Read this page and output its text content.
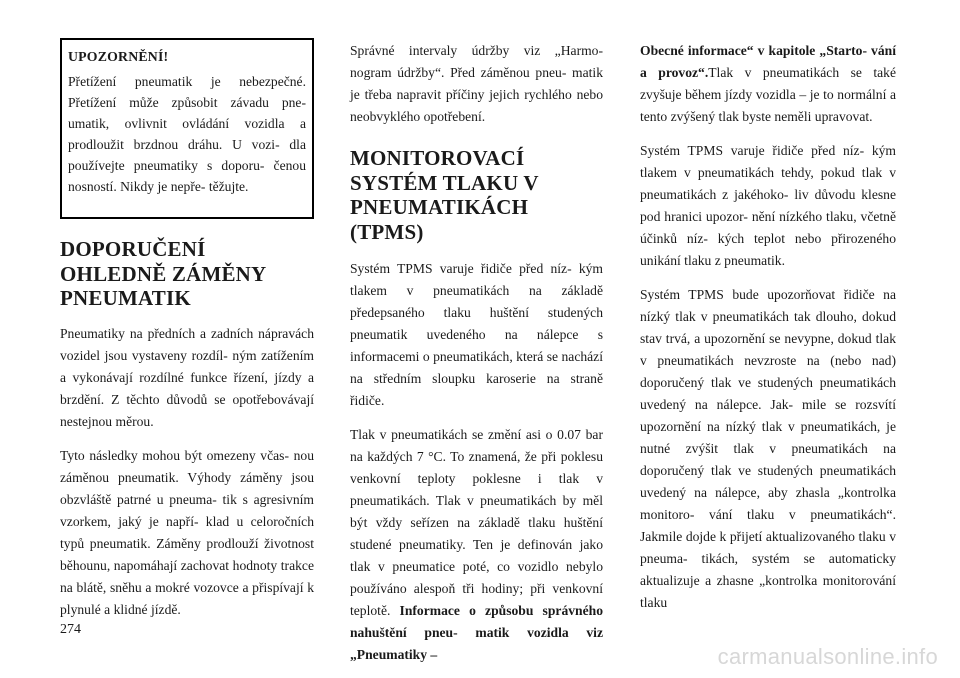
UPOZORNĚNÍ!

Přetížení pneumatik je nebezpečné. Přetížení může způsobit závadu pne- umatik, ovlivnit ovládání vozidla a prodloužit brzdnou dráhu. U vozi- dla používejte pneumatiky s doporu- čenou nosností. Nikdy je nepře- těžujte.

DOPORUČENÍ OHLEDNĚ ZÁMĚNY PNEUMATIK

Pneumatiky na předních a zadních nápravách vozidel jsou vystaveny rozdíl- ným zatížením a vykonávají rozdílné funkce řízení, jízdy a brzdění. Z těchto důvodů se opotřebovávají nestejnou měrou.

Tyto následky mohou být omezeny včas- nou záměnou pneumatik. Výhody záměny jsou obzvláště patrné u pneuma- tik s agresivním vzorkem, jaký je napří- klad u celoročních typů pneumatik. Záměny prodlouží životnost běhounu, napomáhají zachovat hodnoty trakce na blátě, sněhu a mokré vozovce a přispívají k plynulé a klidné jízdě.

Správné intervaly údržby viz „Harmo- nogram údržby“. Před záměnou pneu- matik je třeba napravit příčiny jejich rychlého nebo neobvyklého opotřebení.

MONITOROVACÍ SYSTÉM TLAKU V PNEUMATIKÁCH (TPMS)

Systém TPMS varuje řidiče před níz- kým tlakem v pneumatikách na základě předepsaného tlaku huštění studených pneumatik uvedeného na nálepce s informacemi o pneumatikách, která se nachází na středním sloupku karoserie na straně řidiče.

Tlak v pneumatikách se změní asi o 0.07 bar na každých 7 °C. To znamená, že při poklesu venkovní teploty poklesne i tlak v pneumatikách. Tlak v pneumatikách by měl být vždy seřízen na základě tlaku huštění studené pneumatiky. Ten je definován jako tlak v pneumatice poté, co vozidlo nebylo používáno alespoň tři hodiny; při venkovní teplotě. Informace o způsobu správného nahuštění pneu- matik vozidla viz „Pneumatiky –

Obecné informace“ v kapitole „Starto- vání a provoz“.Tlak v pneumatikách se také zvyšuje během jízdy vozidla – je to normální a tento zvýšený tlak byste neměli upravovat.

Systém TPMS varuje řidiče před níz- kým tlakem v pneumatikách tehdy, pokud tlak v pneumatikách z jakéhoko- liv důvodu klesne pod hranici upozor- nění nízkého tlaku, včetně účinků níz- kých teplot nebo přirozeného unikání tlaku z pneumatik.

Systém TPMS bude upozorňovat řidiče na nízký tlak v pneumatikách tak dlouho, dokud stav trvá, a upozornění se nevypne, dokud tlak v pneumatikách nevzroste na (nebo nad) doporučený tlak ve studených pneumatikách uvedený na nálepce. Jak- mile se rozsvítí upozornění na nízký tlak v pneumatikách, je nutné zvýšit tlak v pneumatikách na doporučený tlak ve studených pneumatikách uvedený na nálepce, aby zhasla „kontrolka monitoro- vání tlaku v pneumatikách“. Jakmile dojde k přijetí aktualizovaného tlaku v pneuma- tikách, systém se automaticky aktualizuje a zhasne „kontrolka monitorování tlaku

274
carmanualsonline.info
